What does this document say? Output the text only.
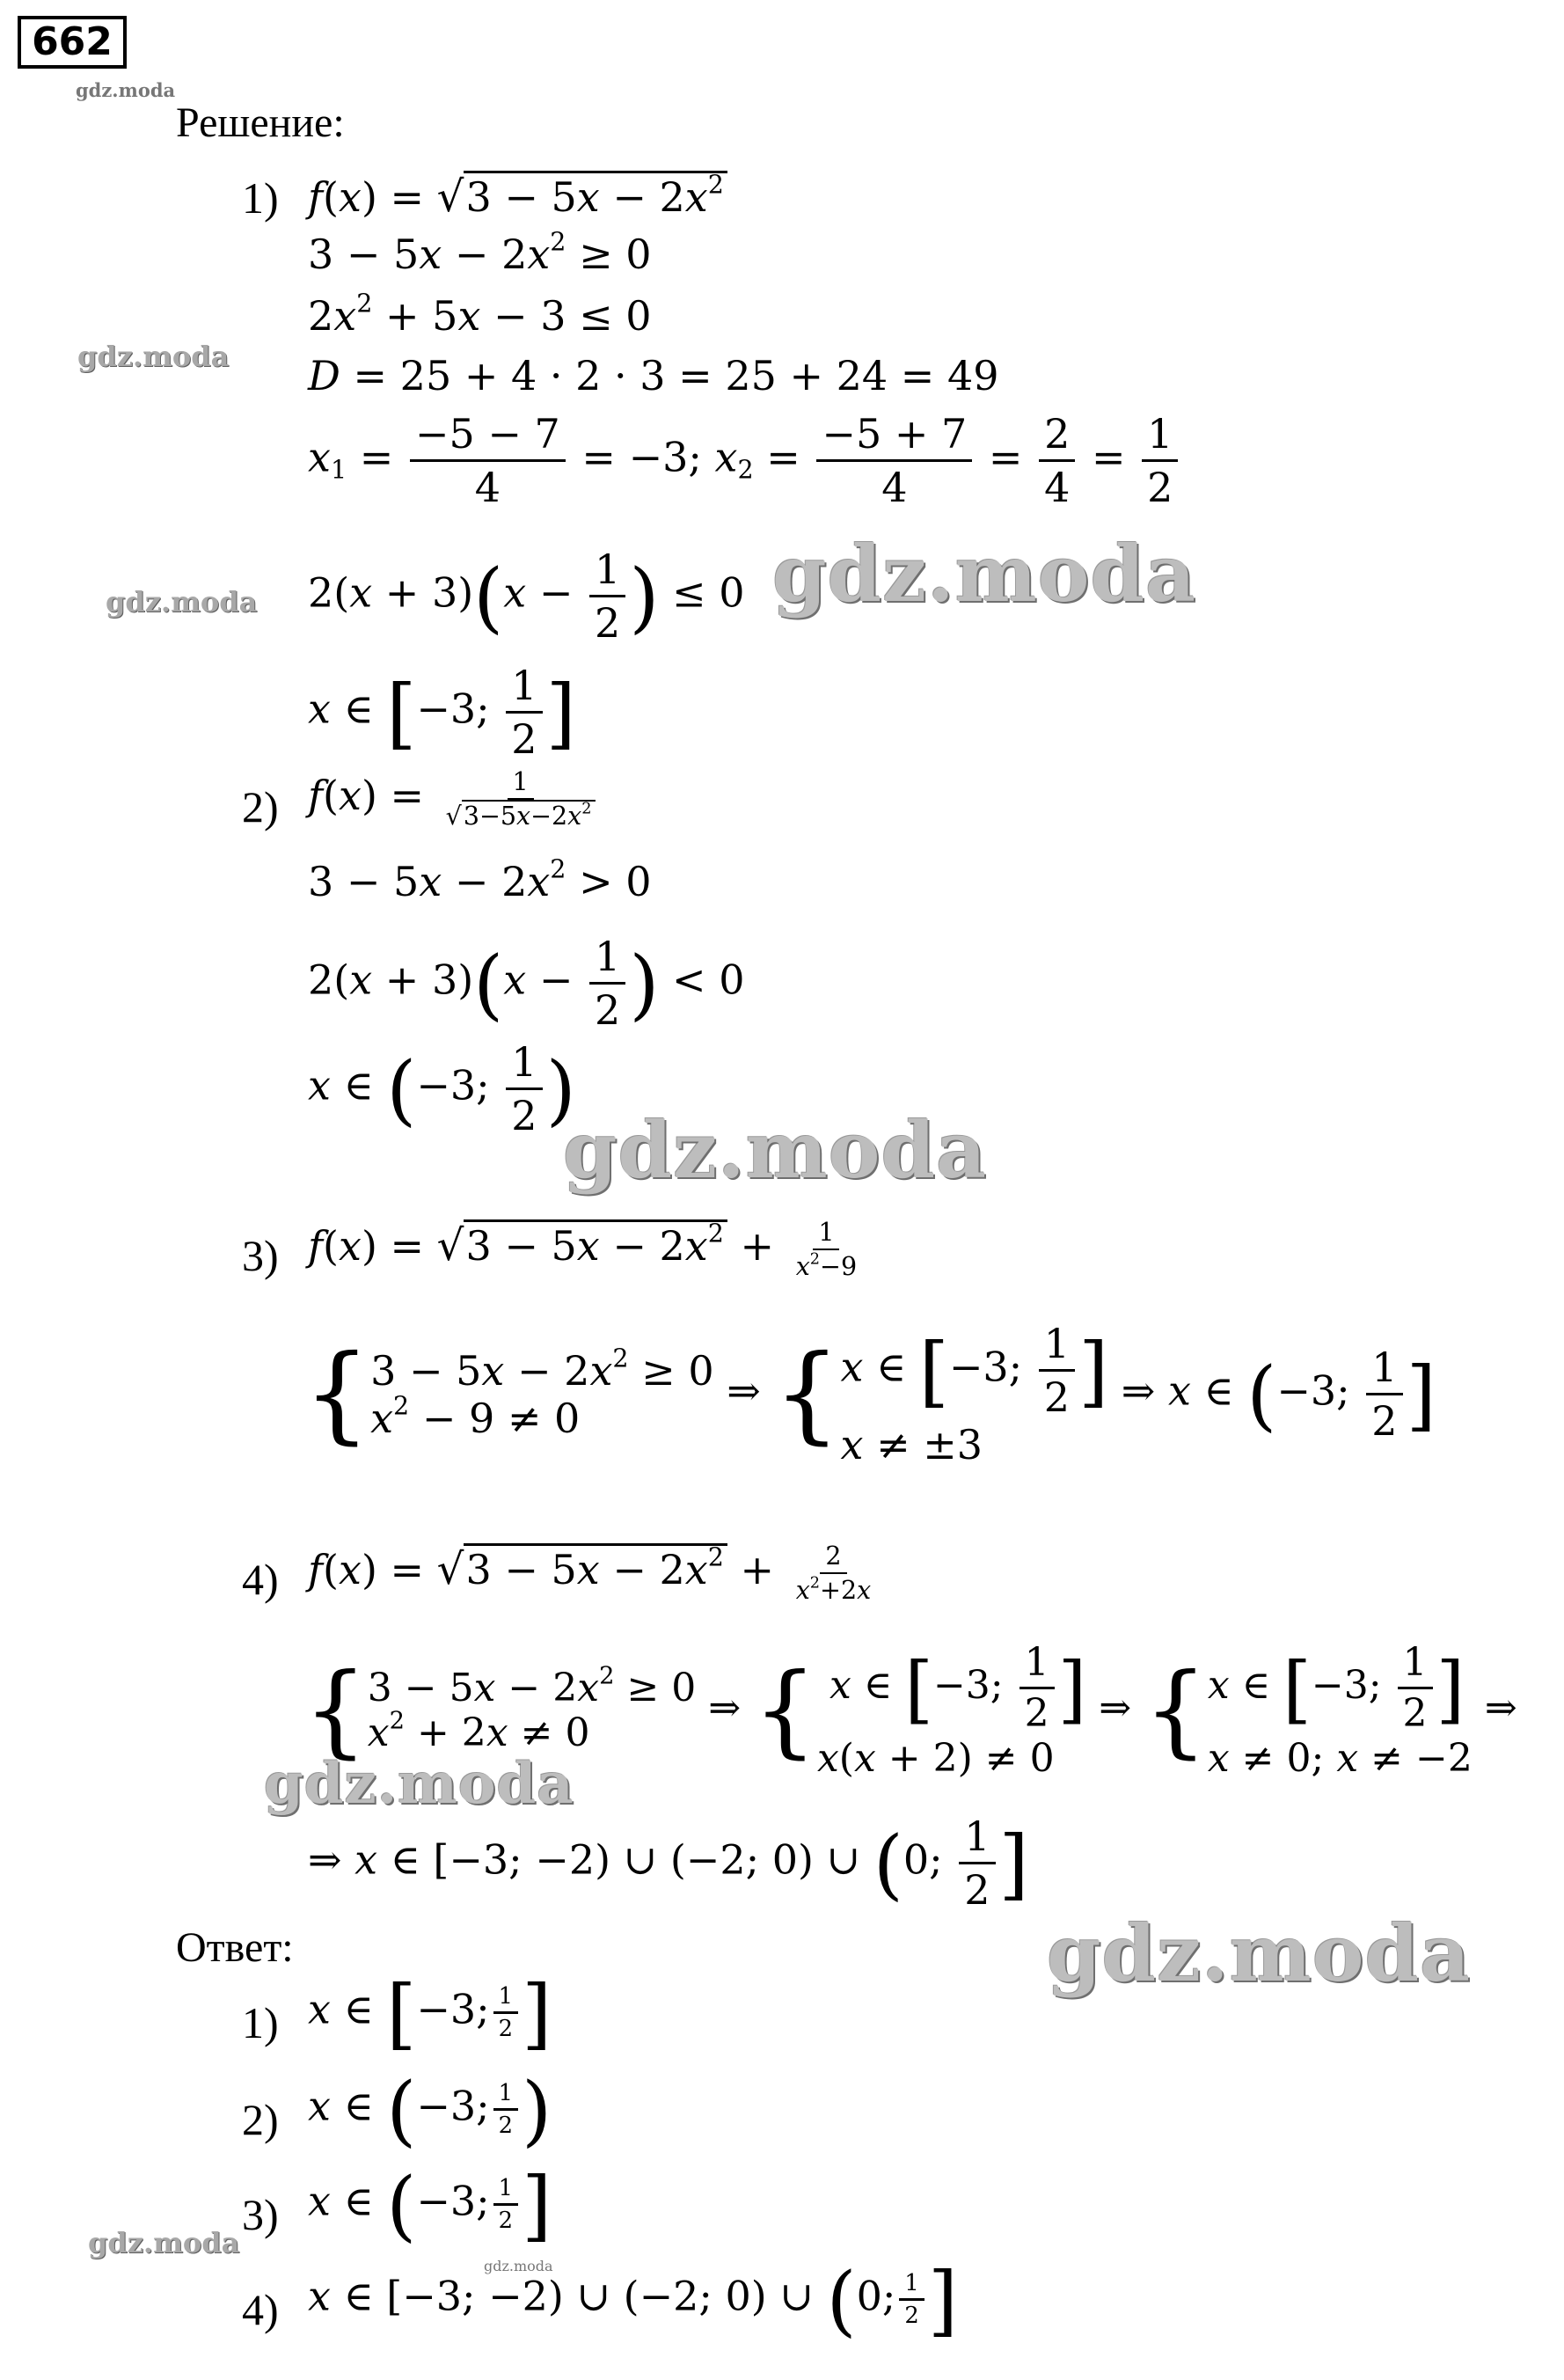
662
gdz.moda
gdz.moda
gdz.moda	gdz.moda
gdz.moda
gdz.moda
gdz.moda
gdz.moda
gdz.moda
Решение:
1) $f(x) = √3 - 5x - 2x^2$
$3 - 5x - 2x^2 \ge 0$
$2x^2 + 5x - 3 \le 0$
D = 25 + 4 · 2 · 3 = 25 + 24 = 49
$x_1 = \frac{-5 - 7}{4} = -3$; $x_2 = \frac{-5 + 7}{4} = \frac{2}{4} = \frac{1}{2}$
$2(x + 3)(x - \frac{1}{2}$ ) ≤ 0
x ∈ [−3; $\frac{1}{2}$ ]
2) $f(x) = \frac{1}{√3-5x-2x^2}$
$3 - 5x - 2x^2 > 0$
$2(x + 3)(x - \frac{1}{2}$ ) < 0
x ∈ (−3; $\frac{1}{2}$ )
3) $f(x) = √3 - 5x - 2x^2 + \frac{1}{x^2-9}$
{ $3 - 5x - 2x^2 \ge 0$
$x^2 - 9 \ne 0$
⇒ { x ∈ [−3; $\frac{1}{2}$ ]
x ≠ ±3
⇒ x ∈ (−3; $\frac{1}{2}$ ]
4) $f(x) = √3 - 5x - 2x^2 + \frac{2}{x^2+2x}$
{ $3 - 5x - 2x^2 \ge 0$
$x^2 + 2x \ne 0$
⇒ { x ∈ [−3; $\frac{1}{2}$ ]
x(x + 2) ≠ 0
⇒ { x ∈ [−3; $\frac{1}{2}$ ]
x ≠ 0; x ≠ −2
⇒
⇒ x ∈ [−3; −2) ∪ (−2; 0) ∪ (0; $\frac{1}{2}$ ]
Ответ:
1) x ∈ [−3; $\frac{1}{2}$ ]
2) x ∈ (−3; $\frac{1}{2}$ )
3) x ∈ (−3; $\frac{1}{2}$ ]
4) x ∈ [−3; −2) ∪ (−2; 0) ∪ (0; $\frac{1}{2}$ ]
